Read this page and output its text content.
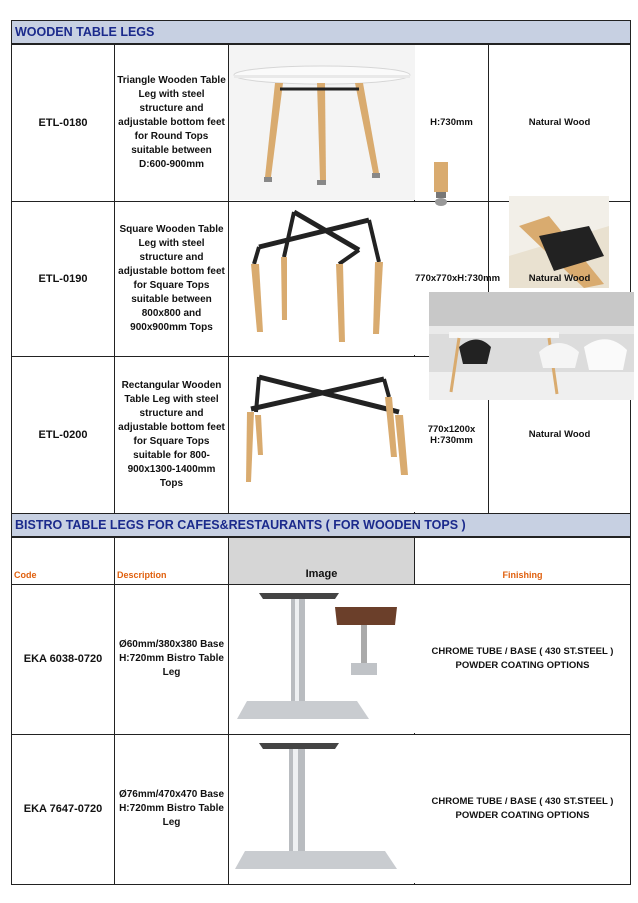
WOODEN TABLE LEGS				
ETL-0180	Triangle Wooden Table Leg with steel structure and adjustable bottom feet for Round Tops suitable between D:600-900mm		H:730mm	Natural Wood
ETL-0190	Square Wooden Table Leg with steel structure and adjustable bottom feet for Square Tops suitable between 800x800 and 900x900mm Tops		770x770xH:730mm	Natural Wood

ETL-0200	Rectangular Wooden Table Leg with steel structure and adjustable bottom feet for Square Tops suitable for 800-900x1300-1400mm Tops		770x1200x H:730mm	Natural Wood
BISTRO TABLE LEGS FOR CAFES&RESTAURANTS ( FOR WOODEN TOPS )				
Code	Description	Image	Finishing	
EKA 6038-0720	Ø60mm/380x380 Base H:720mm Bistro Table Leg		CHROME TUBE / BASE ( 430 ST.STEEL ) POWDER COATING OPTIONS	
EKA 7647-0720	Ø76mm/470x470 Base H:720mm Bistro Table Leg		CHROME TUBE / BASE ( 430 ST.STEEL ) POWDER COATING OPTIONS	
